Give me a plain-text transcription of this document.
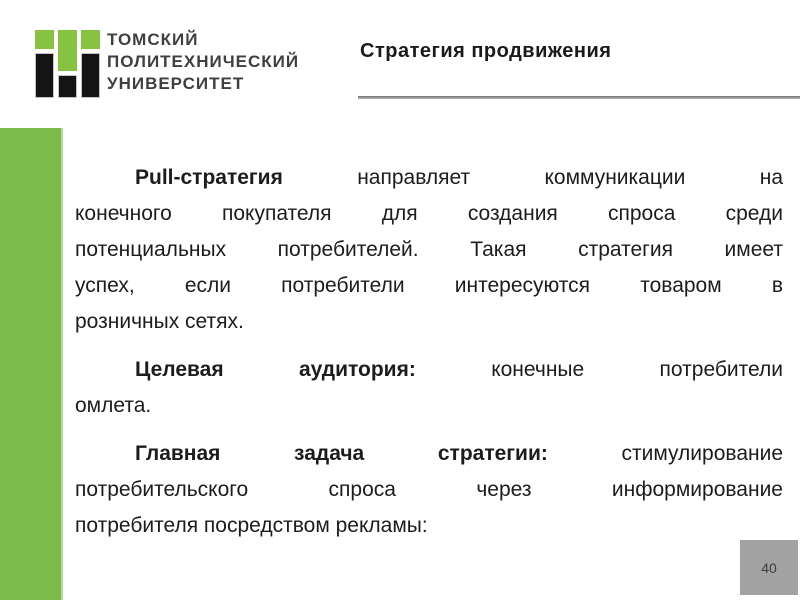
ТОМСКИЙ
ПОЛИТЕХНИЧЕСКИЙ
УНИВЕРСИТЕТ
Стратегия продвижения
Pull-стратегия направляет коммуникации на
конечного покупателя для создания спроса среди
потенциальных потребителей. Такая стратегия имеет
успех, если потребители интересуются товаром в
розничных сетях.
Целевая аудитория: конечные потребители
омлета.
Главная задача стратегии: стимулирование
потребительского спроса через информирование
потребителя посредством рекламы:
40
